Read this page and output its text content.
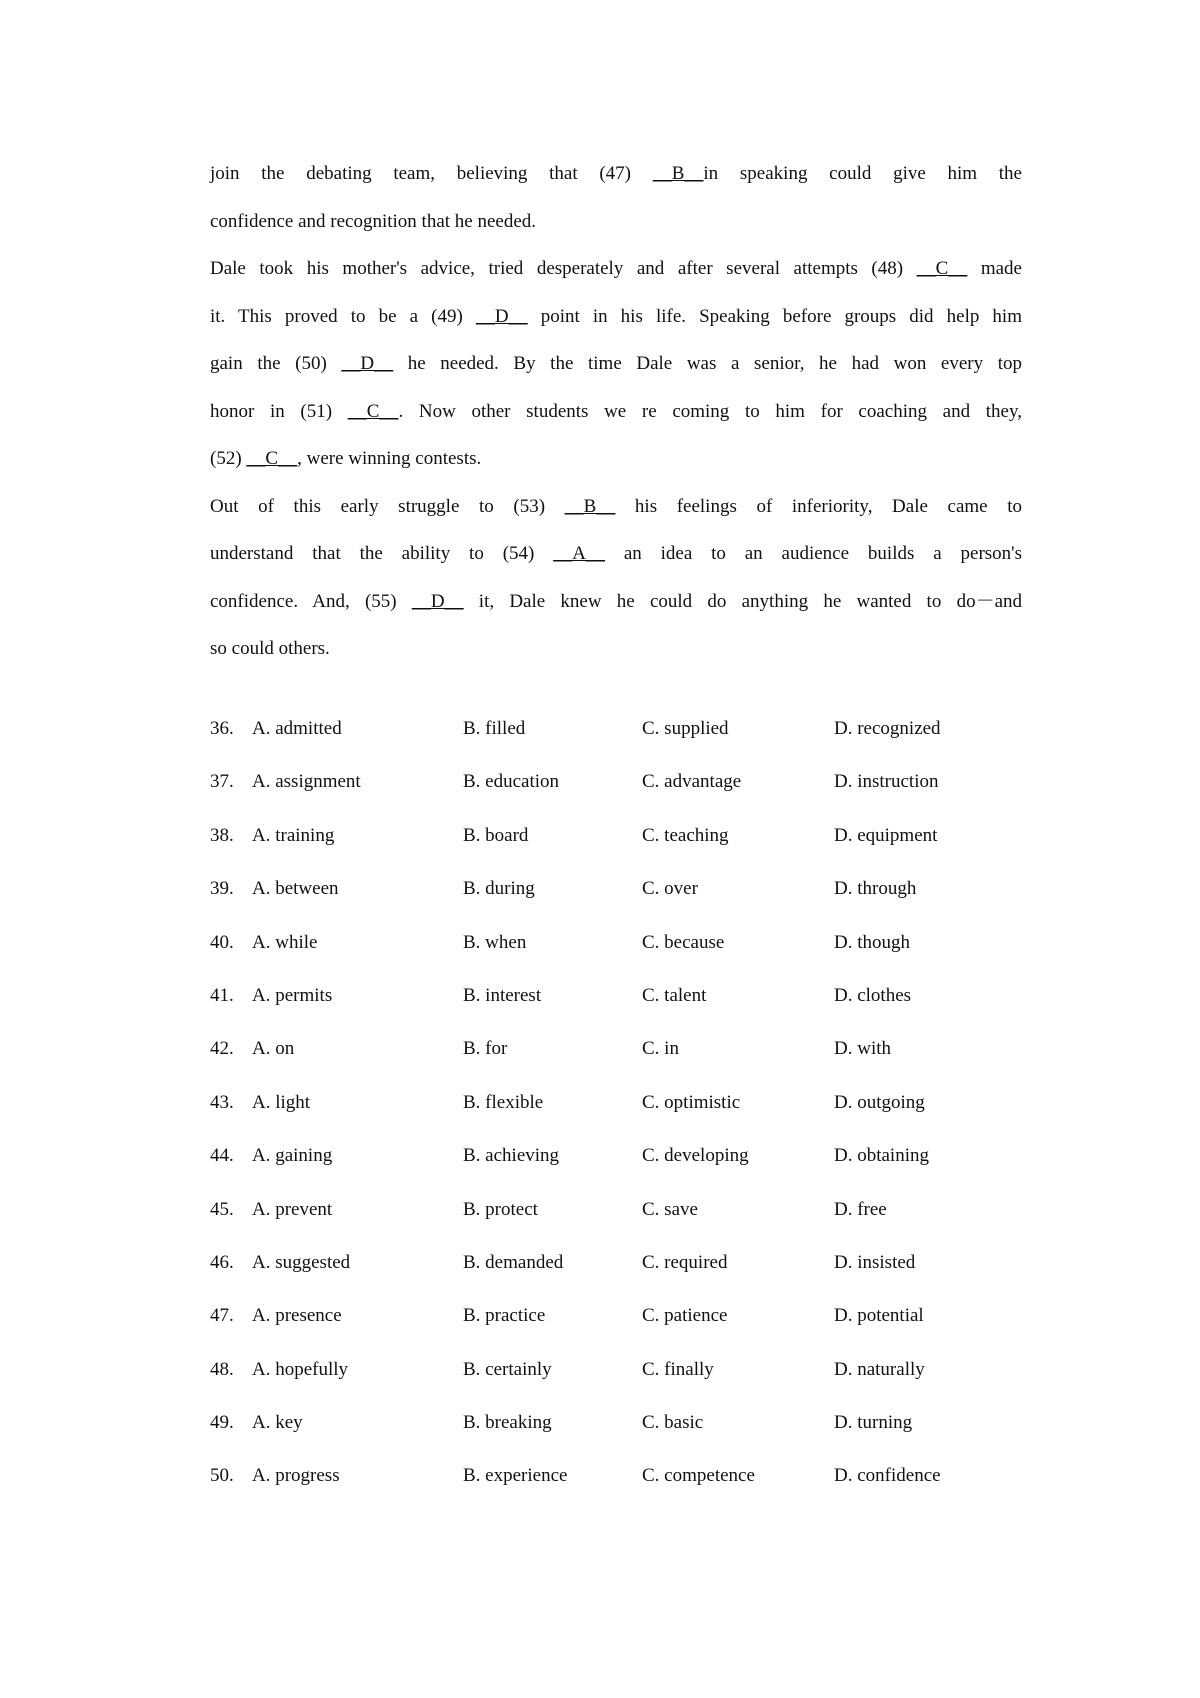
join the debating team, believing that (47) __B__in speaking could give him the

confidence and recognition that he needed.

Dale took his mother's advice, tried desperately and after several attempts (48) __C__ made

it. This proved to be a (49) __D__ point in his life. Speaking before groups did help him

gain the (50) __D__ he needed. By the time Dale was a senior, he had won every top

honor in (51) __C__. Now other students we re coming to him for coaching and they,

(52) __C__, were winning contests.

Out of this early struggle to (53) __B__ his feelings of inferiority, Dale came to

understand that the ability to (54) __A__ an idea to an audience builds a person's

confidence. And, (55) __D__ it, Dale knew he could do anything he wanted to do－and

so could others.

36. A. admitted	B. filled	C. supplied	D. recognized
37. A. assignment	B. education	C. advantage	D. instruction
38. A. training	B. board	C. teaching	D. equipment
39. A. between	B. during	C. over	D. through
40. A. while	B. when	C. because	D. though
41. A. permits	B. interest	C. talent	D. clothes
42. A. on	B. for	C. in	D. with
43. A. light	B. flexible	C. optimistic	D. outgoing
44. A. gaining	B. achieving	C. developing	D. obtaining
45. A. prevent	B. protect	C. save	D. free
46. A. suggested	B. demanded	C. required	D. insisted
47. A. presence	B. practice	C. patience	D. potential
48. A. hopefully	B. certainly	C. finally	D. naturally
49. A. key	B. breaking	C. basic	D. turning
50. A. progress	B. experience	C. competence	D. confidence
